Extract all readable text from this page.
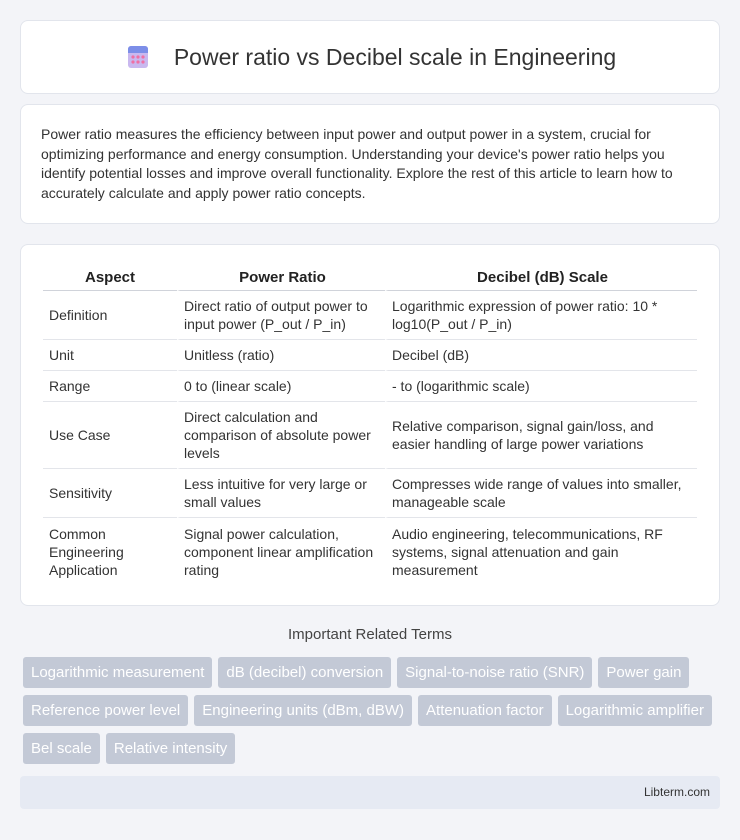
Power ratio vs Decibel scale in Engineering

Power ratio measures the efficiency between input power and output power in a system, crucial for optimizing performance and energy consumption. Understanding your device's power ratio helps you identify potential losses and improve overall functionality. Explore the rest of this article to learn how to accurately calculate and apply power ratio concepts.

Aspect	Power Ratio	Decibel (dB) Scale
Definition	Direct ratio of output power to input power (P_out / P_in)	Logarithmic expression of power ratio: 10 * log10(P_out / P_in)
Unit	Unitless (ratio)	Decibel (dB)
Range	0 to (linear scale)	- to (logarithmic scale)
Use Case	Direct calculation and comparison of absolute power levels	Relative comparison, signal gain/loss, and easier handling of large power variations
Sensitivity	Less intuitive for very large or small values	Compresses wide range of values into smaller, manageable scale
Common Engineering Application	Signal power calculation, component linear amplification rating	Audio engineering, telecommunications, RF systems, signal attenuation and gain measurement
Important Related Terms
Logarithmic measurement	dB (decibel) conversion	Signal-to-noise ratio (SNR)	Power gain
Reference power level	Engineering units (dBm, dBW)	Attenuation factor	Logarithmic amplifier
Bel scale	Relative intensity
Libterm.com
